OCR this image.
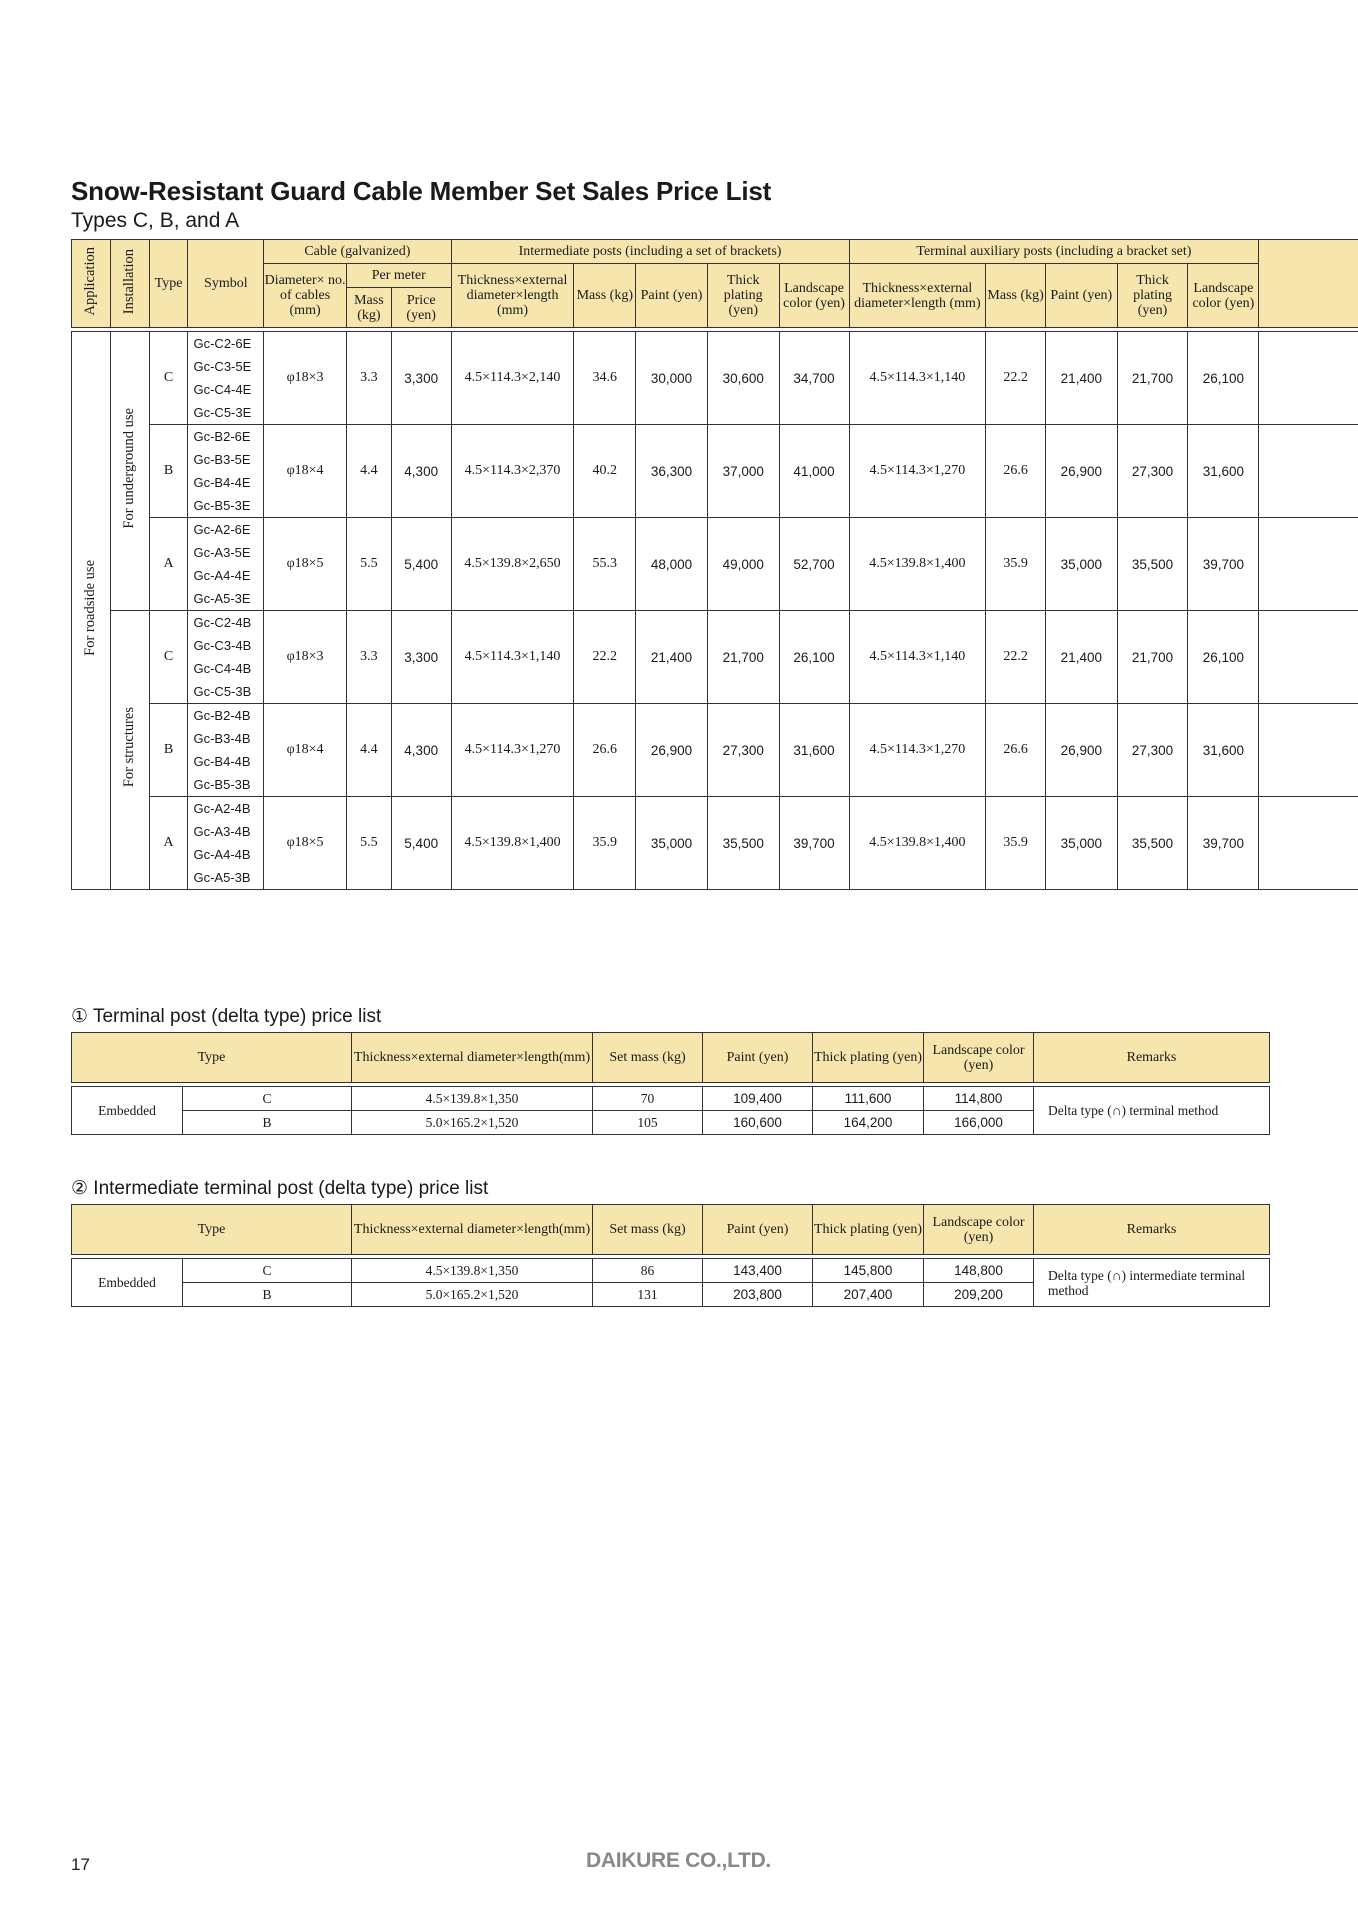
Snow-Resistant Guard Cable Member Set Sales Price List
Types C, B, and A
Application	Installation	Type	Symbol	Cable (galvanized)			Intermediate posts (including a set of brackets)					Terminal auxiliary posts (including a bracket set)					
				Diameter× no. of cables (mm)	Per meter		Thickness×external diameter×length (mm)	Mass (kg)	Paint (yen)	Thick plating (yen)	Landscape color (yen)	Thickness×external diameter×length (mm)	Mass (kg)	Paint (yen)	Thick plating (yen)	Landscape color (yen)	
					Mass (kg)	Price (yen)											

For roadside use	For underground use	C	Gc-C2-6E
Gc-C3-5E
Gc-C4-4E
Gc-C5-3E	φ18×3	3.3	3,300	4.5×114.3×2,140	34.6	30,000	30,600	34,700	4.5×114.3×1,140	22.2	21,400	21,700	26,100	
		B	Gc-B2-6E
Gc-B3-5E
Gc-B4-4E
Gc-B5-3E	φ18×4	4.4	4,300	4.5×114.3×2,370	40.2	36,300	37,000	41,000	4.5×114.3×1,270	26.6	26,900	27,300	31,600	
		A	Gc-A2-6E
Gc-A3-5E
Gc-A4-4E
Gc-A5-3E	φ18×5	5.5	5,400	4.5×139.8×2,650	55.3	48,000	49,000	52,700	4.5×139.8×1,400	35.9	35,000	35,500	39,700	
	For structures	C	Gc-C2-4B
Gc-C3-4B
Gc-C4-4B
Gc-C5-3B	φ18×3	3.3	3,300	4.5×114.3×1,140	22.2	21,400	21,700	26,100	4.5×114.3×1,140	22.2	21,400	21,700	26,100	
		B	Gc-B2-4B
Gc-B3-4B
Gc-B4-4B
Gc-B5-3B	φ18×4	4.4	4,300	4.5×114.3×1,270	26.6	26,900	27,300	31,600	4.5×114.3×1,270	26.6	26,900	27,300	31,600	
		A	Gc-A2-4B
Gc-A3-4B
Gc-A4-4B
Gc-A5-3B	φ18×5	5.5	5,400	4.5×139.8×1,400	35.9	35,000	35,500	39,700	4.5×139.8×1,400	35.9	35,000	35,500	39,700	
① Terminal post (delta type) price list
Type		Thickness×external diameter×length(mm)	Set mass (kg)	Paint (yen)	Thick plating (yen)	Landscape color (yen)	Remarks

Embedded	C	4.5×139.8×1,350	70	109,400	111,600	114,800	Delta type (∩) terminal method
	B	5.0×165.2×1,520	105	160,600	164,200	166,000	
② Intermediate terminal post (delta type) price list
Type		Thickness×external diameter×length(mm)	Set mass (kg)	Paint (yen)	Thick plating (yen)	Landscape color (yen)	Remarks

Embedded	C	4.5×139.8×1,350	86	143,400	145,800	148,800	Delta type (∩) intermediate terminal method
	B	5.0×165.2×1,520	131	203,800	207,400	209,200	
17	DAIKURE CO.,LTD.
